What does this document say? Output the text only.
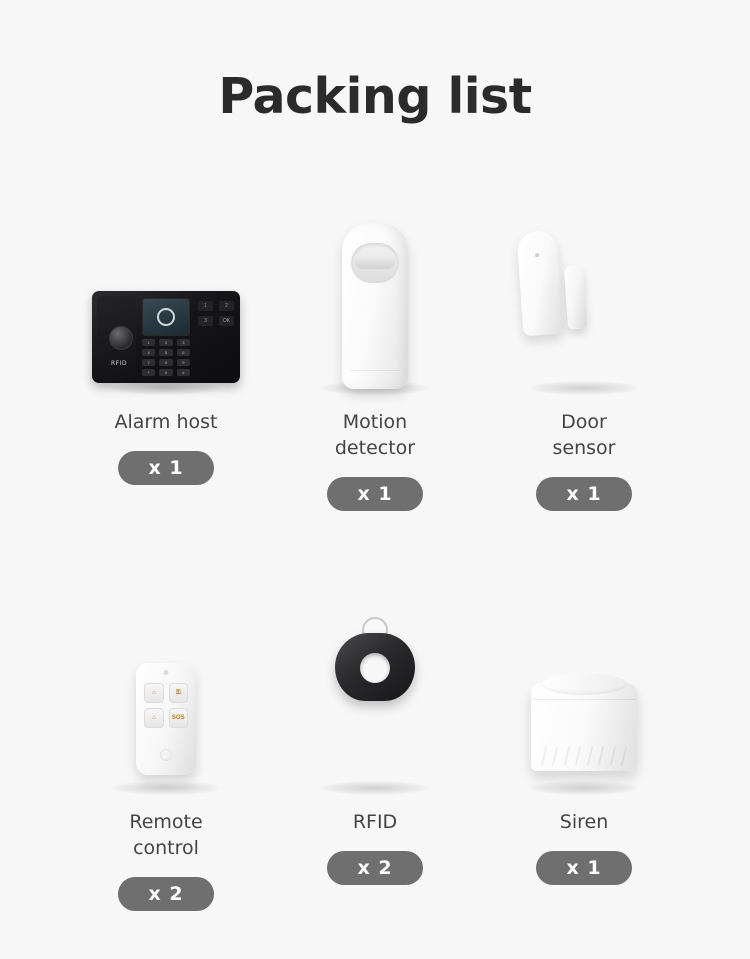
Packing list
RFID
1	2	3
4	5	6
7	8	9
*	0	#
1	2
3	OK
Alarm host
x 1
Motion
detector
x 1
Door
sensor
x 1
⌂	⚿
⌂	SOS
Remote
control
x 2
RFID
x 2
Siren
x 1
